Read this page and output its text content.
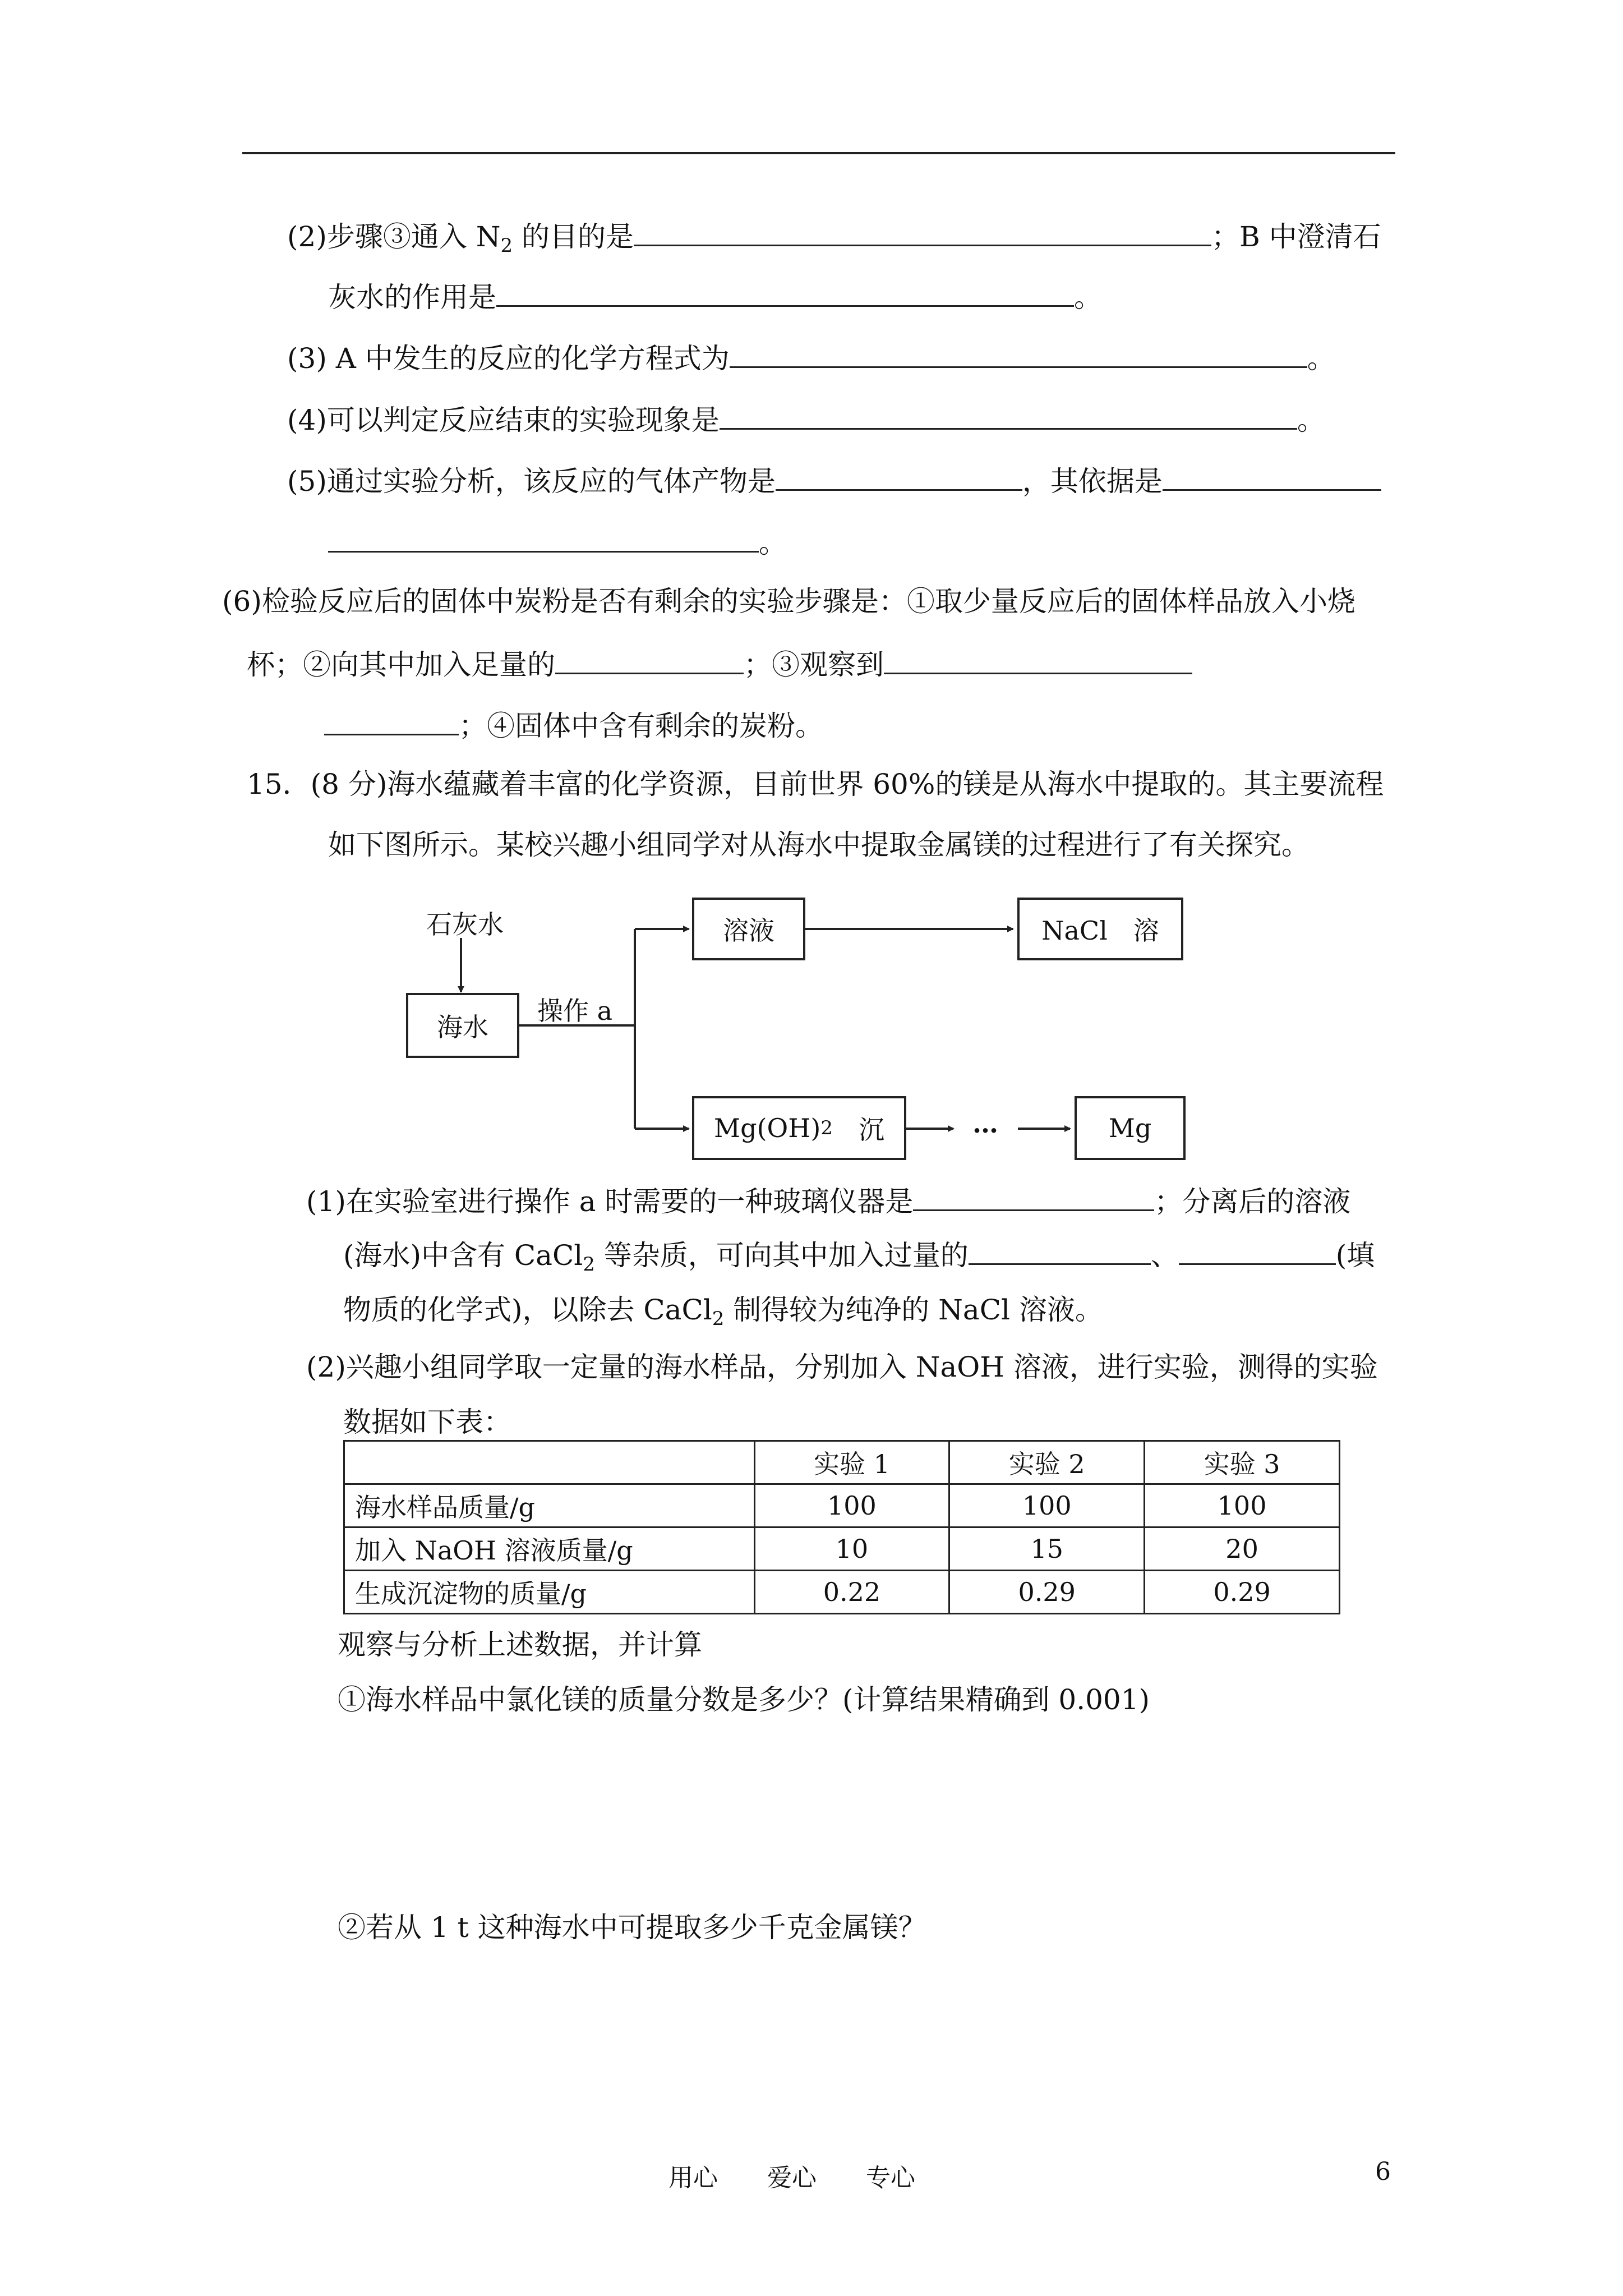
(2)步骤③通入 $N_2$ 的目的是	；B 中澄清石
灰水的作用是	。
(3) A 中发生的反应的化学方程式为	。
(4)可以判定反应结束的实验现象是	。
(5)通过实验分析，该反应的气体产物是	，其依据是
。
(6)检验反应后的固体中炭粉是否有剩余的实验步骤是：①取少量反应后的固体样品放入小烧
杯；②向其中加入足量的	；③观察到
；④固体中含有剩余的炭粉。
15．(8 分)海水蕴藏着丰富的化学资源，目前世界 60%的镁是从海水中提取的。其主要流程
如下图所示。某校兴趣小组同学对从海水中提取金属镁的过程进行了有关探究。
石灰水
海水
操作 a
溶液	NaCl　溶
Mg(OH) 2 　沉	…	Mg
(1)在实验室进行操作 a 时需要的一种玻璃仪器是	；分离后的溶液
(海水)中含有 CaCl$_2$ 等杂质，可向其中加入过量的	、	(填
物质的化学式)，以除去 CaCl$_2$ 制得较为纯净的 NaCl 溶液。
(2)兴趣小组同学取一定量的海水样品，分别加入 NaOH 溶液，进行实验，测得的实验
数据如下表：
	实验 1	实验 2	实验 3
海水样品质量/g	100	100	100
加入 NaOH 溶液质量/g	10	15	20
生成沉淀物的质量/g	0.22	0.29	0.29
观察与分析上述数据，并计算
①海水样品中氯化镁的质量分数是多少？(计算结果精确到 0.001)
②若从 1 t 这种海水中可提取多少千克金属镁？
用心 爱心 专心	6
